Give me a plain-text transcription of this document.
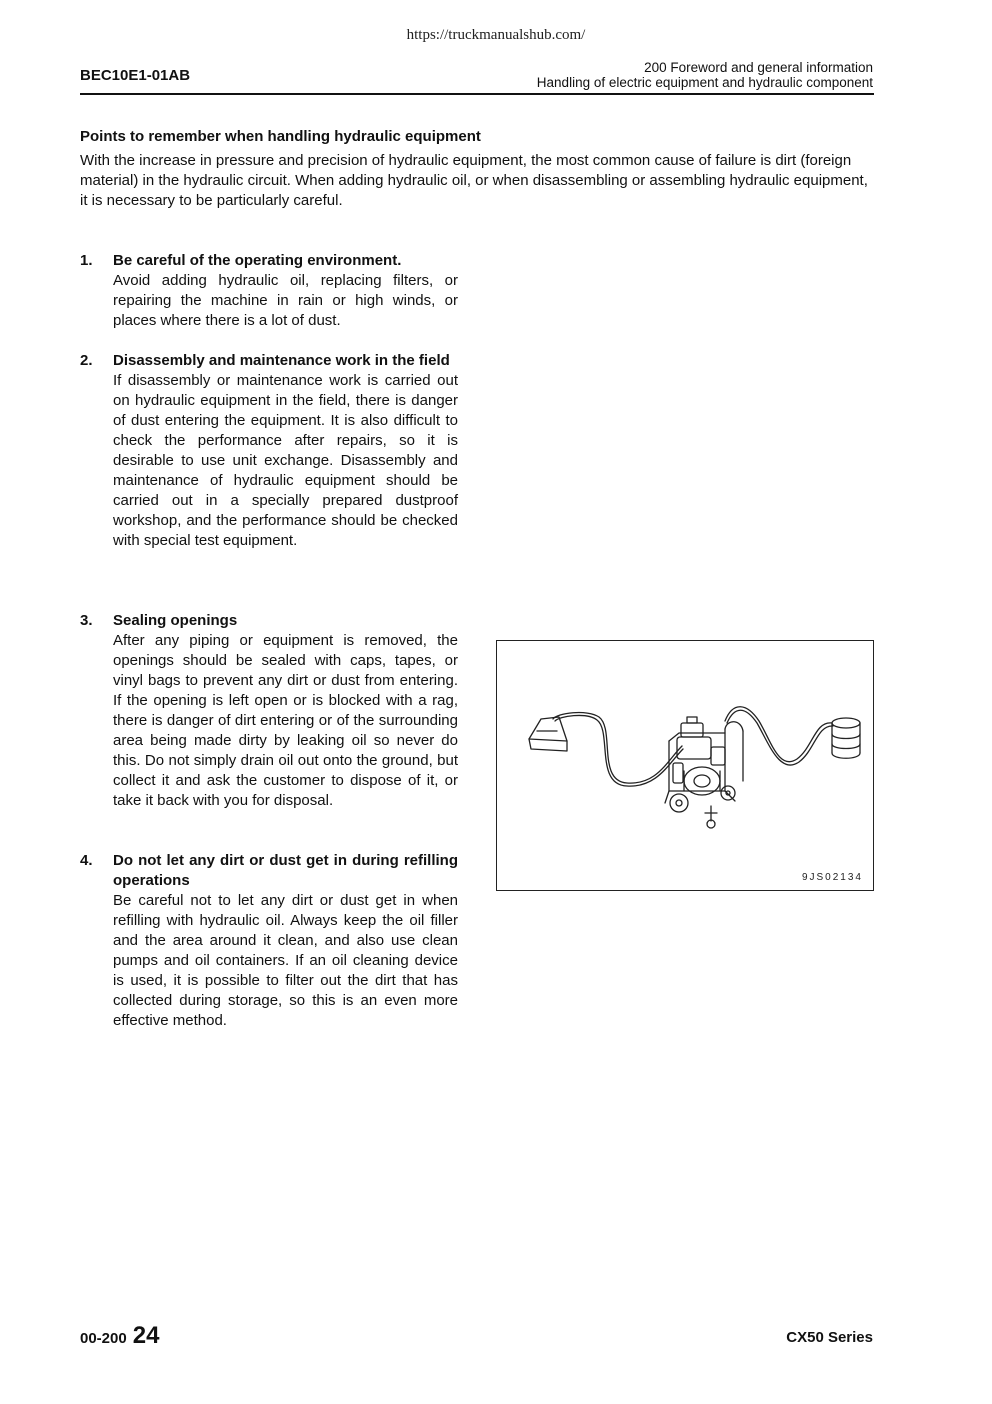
https://truckmanualshub.com/
BEC10E1-01AB	200 Foreword and general information
Handling of electric equipment and hydraulic component
Points to remember when handling hydraulic equipment
With the increase in pressure and precision of hydraulic equipment, the most common cause of failure is dirt (foreign material) in the hydraulic circuit. When adding hydraulic oil, or when disassembling or assembling hydraulic equipment, it is necessary to be particularly careful.
1. Be careful of the operating environment.
Avoid adding hydraulic oil, replacing filters, or repairing the machine in rain or high winds, or places where there is a lot of dust.
2. Disassembly and maintenance work in the field
If disassembly or maintenance work is carried out on hydraulic equipment in the field, there is danger of dust entering the equipment. It is also difficult to check the performance after repairs, so it is desirable to use unit exchange. Disassembly and maintenance of hydraulic equipment should be carried out in a specially prepared dustproof workshop, and the performance should be checked with special test equipment.
3. Sealing openings
After any piping or equipment is removed, the openings should be sealed with caps, tapes, or vinyl bags to prevent any dirt or dust from entering. If the opening is left open or is blocked with a rag, there is danger of dirt entering or of the surrounding area being made dirty by leaking oil so never do this. Do not simply drain oil out onto the ground, but collect it and ask the customer to dispose of it, or take it back with you for disposal.
4. Do not let any dirt or dust get in during refilling operations
Be careful not to let any dirt or dust get in when refilling with hydraulic oil. Always keep the oil filler and the area around it clean, and also use clean pumps and oil containers. If an oil cleaning device is used, it is possible to filter out the dirt that has collected during storage, so this is an even more effective method.
9JS02134
00-200 24	CX50 Series
